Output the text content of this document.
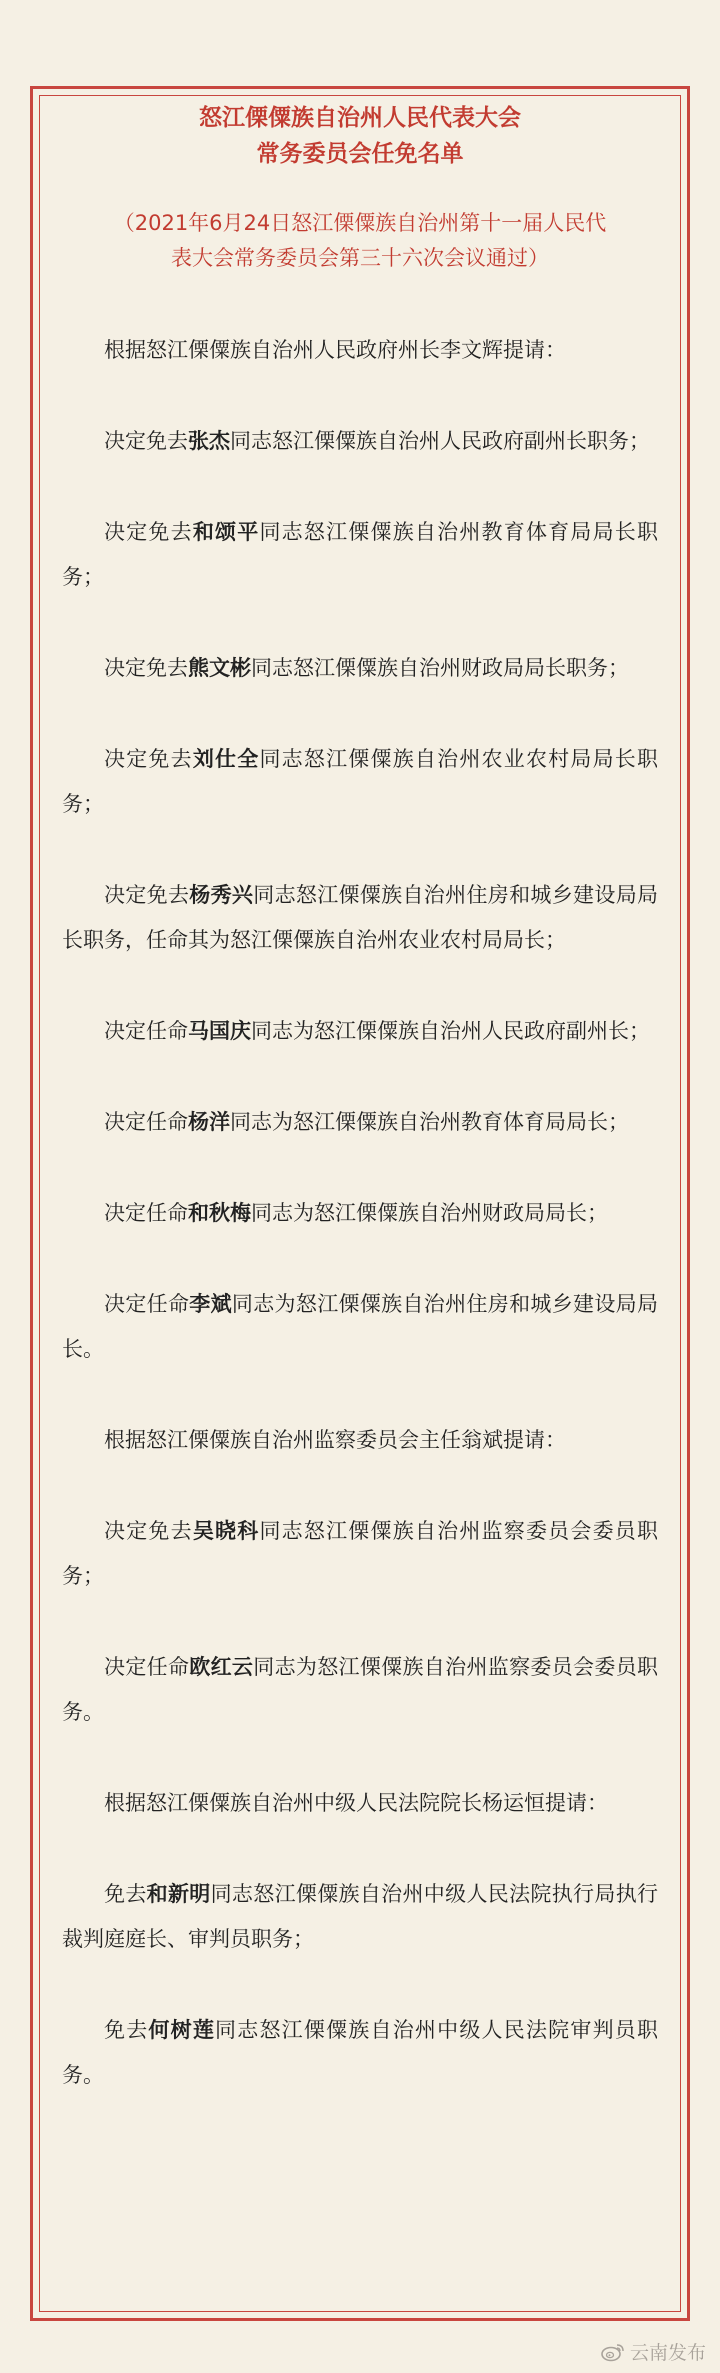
怒江傈僳族自治州人民代表大会
常务委员会任免名单
（2021年6月24日怒江傈僳族自治州第十一届人民代
表大会常务委员会第三十六次会议通过）

根据怒江傈僳族自治州人民政府州长李文辉提请：

决定免去张杰同志怒江傈僳族自治州人民政府副州长职务；

决定免去和颂平同志怒江傈僳族自治州教育体育局局长职务；

决定免去熊文彬同志怒江傈僳族自治州财政局局长职务；

决定免去刘仕全同志怒江傈僳族自治州农业农村局局长职务；

决定免去杨秀兴同志怒江傈僳族自治州住房和城乡建设局局长职务，任命其为怒江傈僳族自治州农业农村局局长；

决定任命马国庆同志为怒江傈僳族自治州人民政府副州长；

决定任命杨洋同志为怒江傈僳族自治州教育体育局局长；

决定任命和秋梅同志为怒江傈僳族自治州财政局局长；

决定任命李斌同志为怒江傈僳族自治州住房和城乡建设局局长。

根据怒江傈僳族自治州监察委员会主任翁斌提请：

决定免去吴晓科同志怒江傈僳族自治州监察委员会委员职务；

决定任命欧红云同志为怒江傈僳族自治州监察委员会委员职务。

根据怒江傈僳族自治州中级人民法院院长杨运恒提请：

免去和新明同志怒江傈僳族自治州中级人民法院执行局执行裁判庭庭长、审判员职务；

免去何树莲同志怒江傈僳族自治州中级人民法院审判员职务。

云南发布
